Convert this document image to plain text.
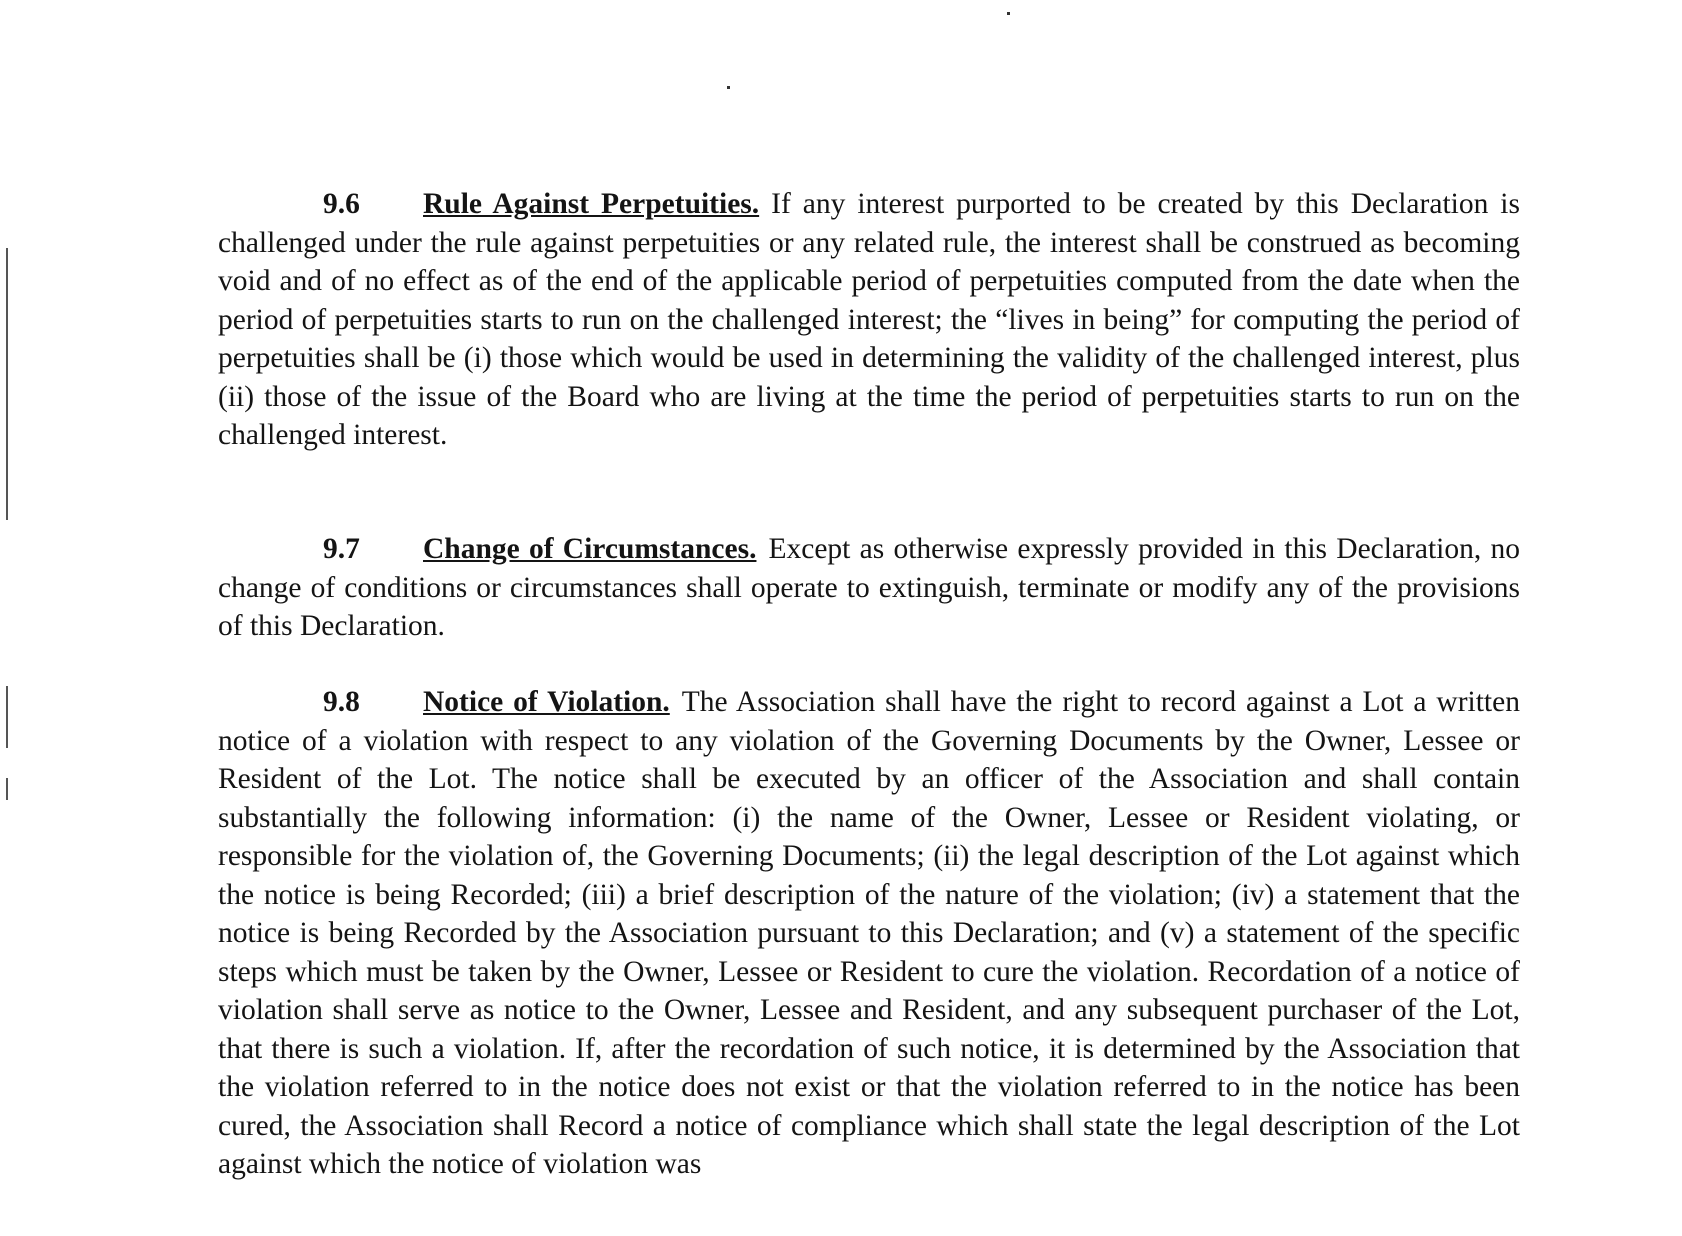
9.6 Rule Against Perpetuities. If any interest purported to be created by this Declaration is challenged under the rule against perpetuities or any related rule, the interest shall be construed as becoming void and of no effect as of the end of the applicable period of perpetuities computed from the date when the period of perpetuities starts to run on the challenged interest; the “lives in being” for computing the period of perpetuities shall be (i) those which would be used in determining the validity of the challenged interest, plus (ii) those of the issue of the Board who are living at the time the period of perpetuities starts to run on the challenged interest.
9.7 Change of Circumstances. Except as otherwise expressly provided in this Declaration, no change of conditions or circumstances shall operate to extinguish, terminate or modify any of the provisions of this Declaration.
9.8 Notice of Violation. The Association shall have the right to record against a Lot a written notice of a violation with respect to any violation of the Governing Documents by the Owner, Lessee or Resident of the Lot. The notice shall be executed by an officer of the Association and shall contain substantially the following information: (i) the name of the Owner, Lessee or Resident violating, or responsible for the violation of, the Governing Documents; (ii) the legal description of the Lot against which the notice is being Recorded; (iii) a brief description of the nature of the violation; (iv) a statement that the notice is being Recorded by the Association pursuant to this Declaration; and (v) a statement of the specific steps which must be taken by the Owner, Lessee or Resident to cure the violation. Recordation of a notice of violation shall serve as notice to the Owner, Lessee and Resident, and any subsequent purchaser of the Lot, that there is such a violation. If, after the recordation of such notice, it is determined by the Association that the violation referred to in the notice does not exist or that the violation referred to in the notice has been cured, the Association shall Record a notice of compliance which shall state the legal description of the Lot against which the notice of violation was
